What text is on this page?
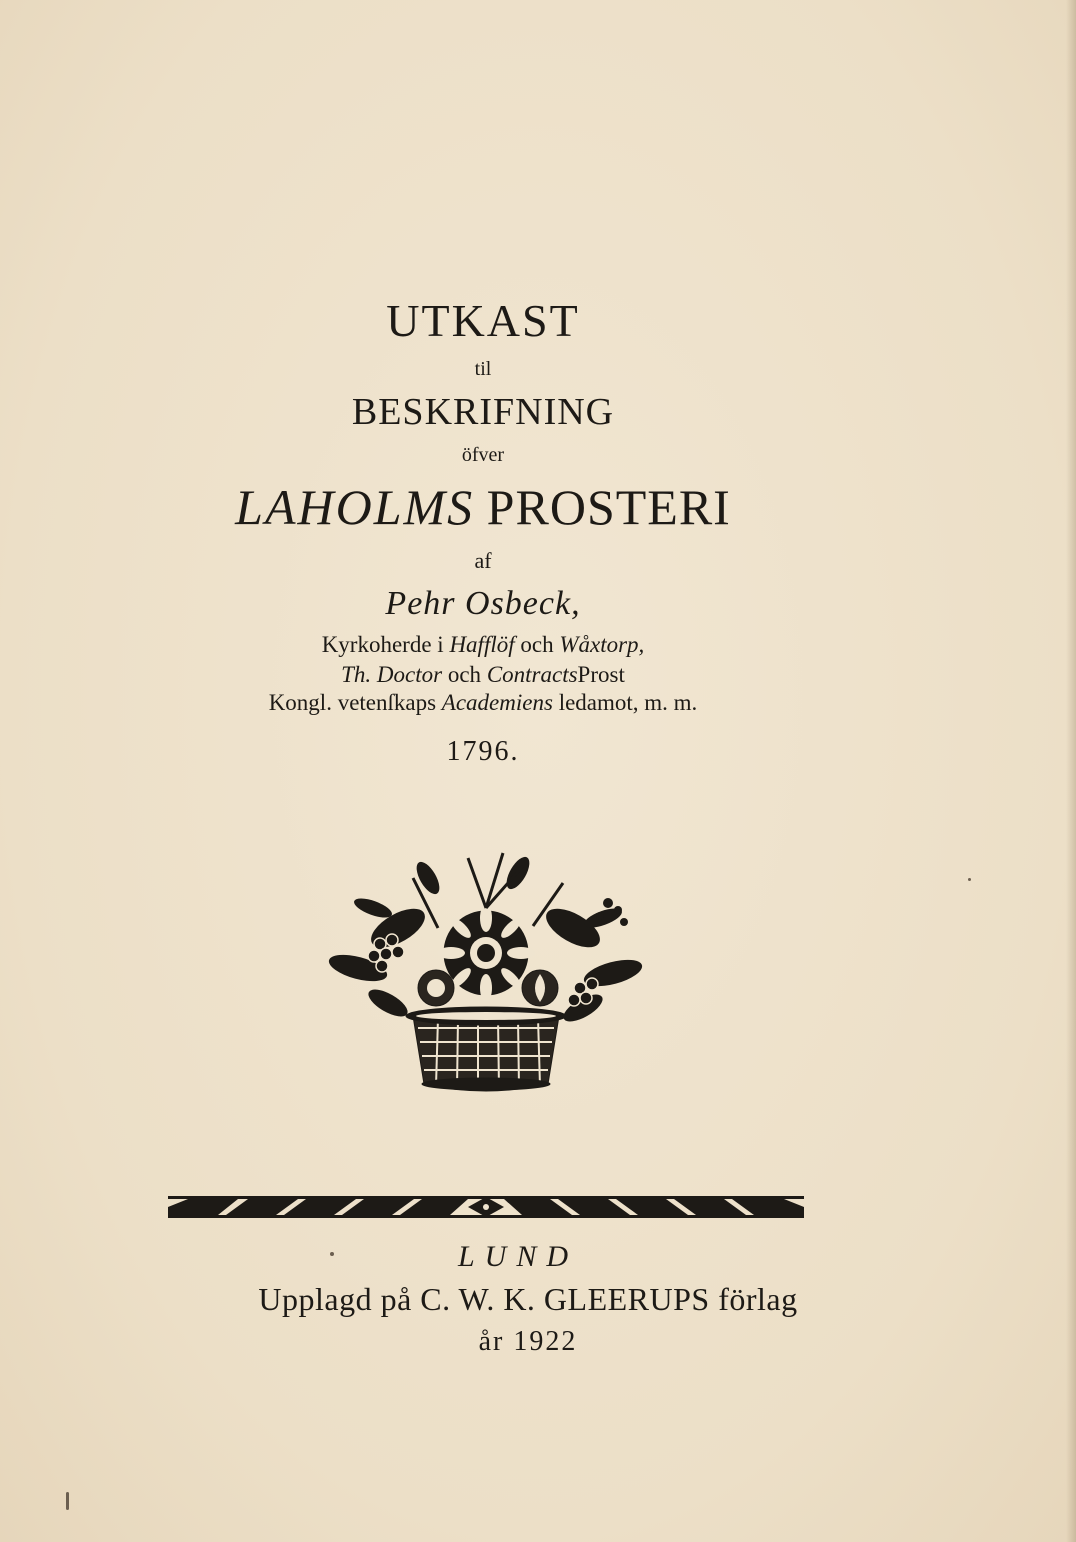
UTKAST
til
BESKRIFNING
öfver
LAHOLMS PROSTERI
af
Pehr Osbeck,
Kyrkoherde i Hafflöf och Wåxtorp,
Th. Doctor och ContractsProst
Kongl. vetenſkaps Academiens ledamot, m. m.
1796.
LUND
Upplagd på C. W. K. GLEERUPS förlag
år 1922
